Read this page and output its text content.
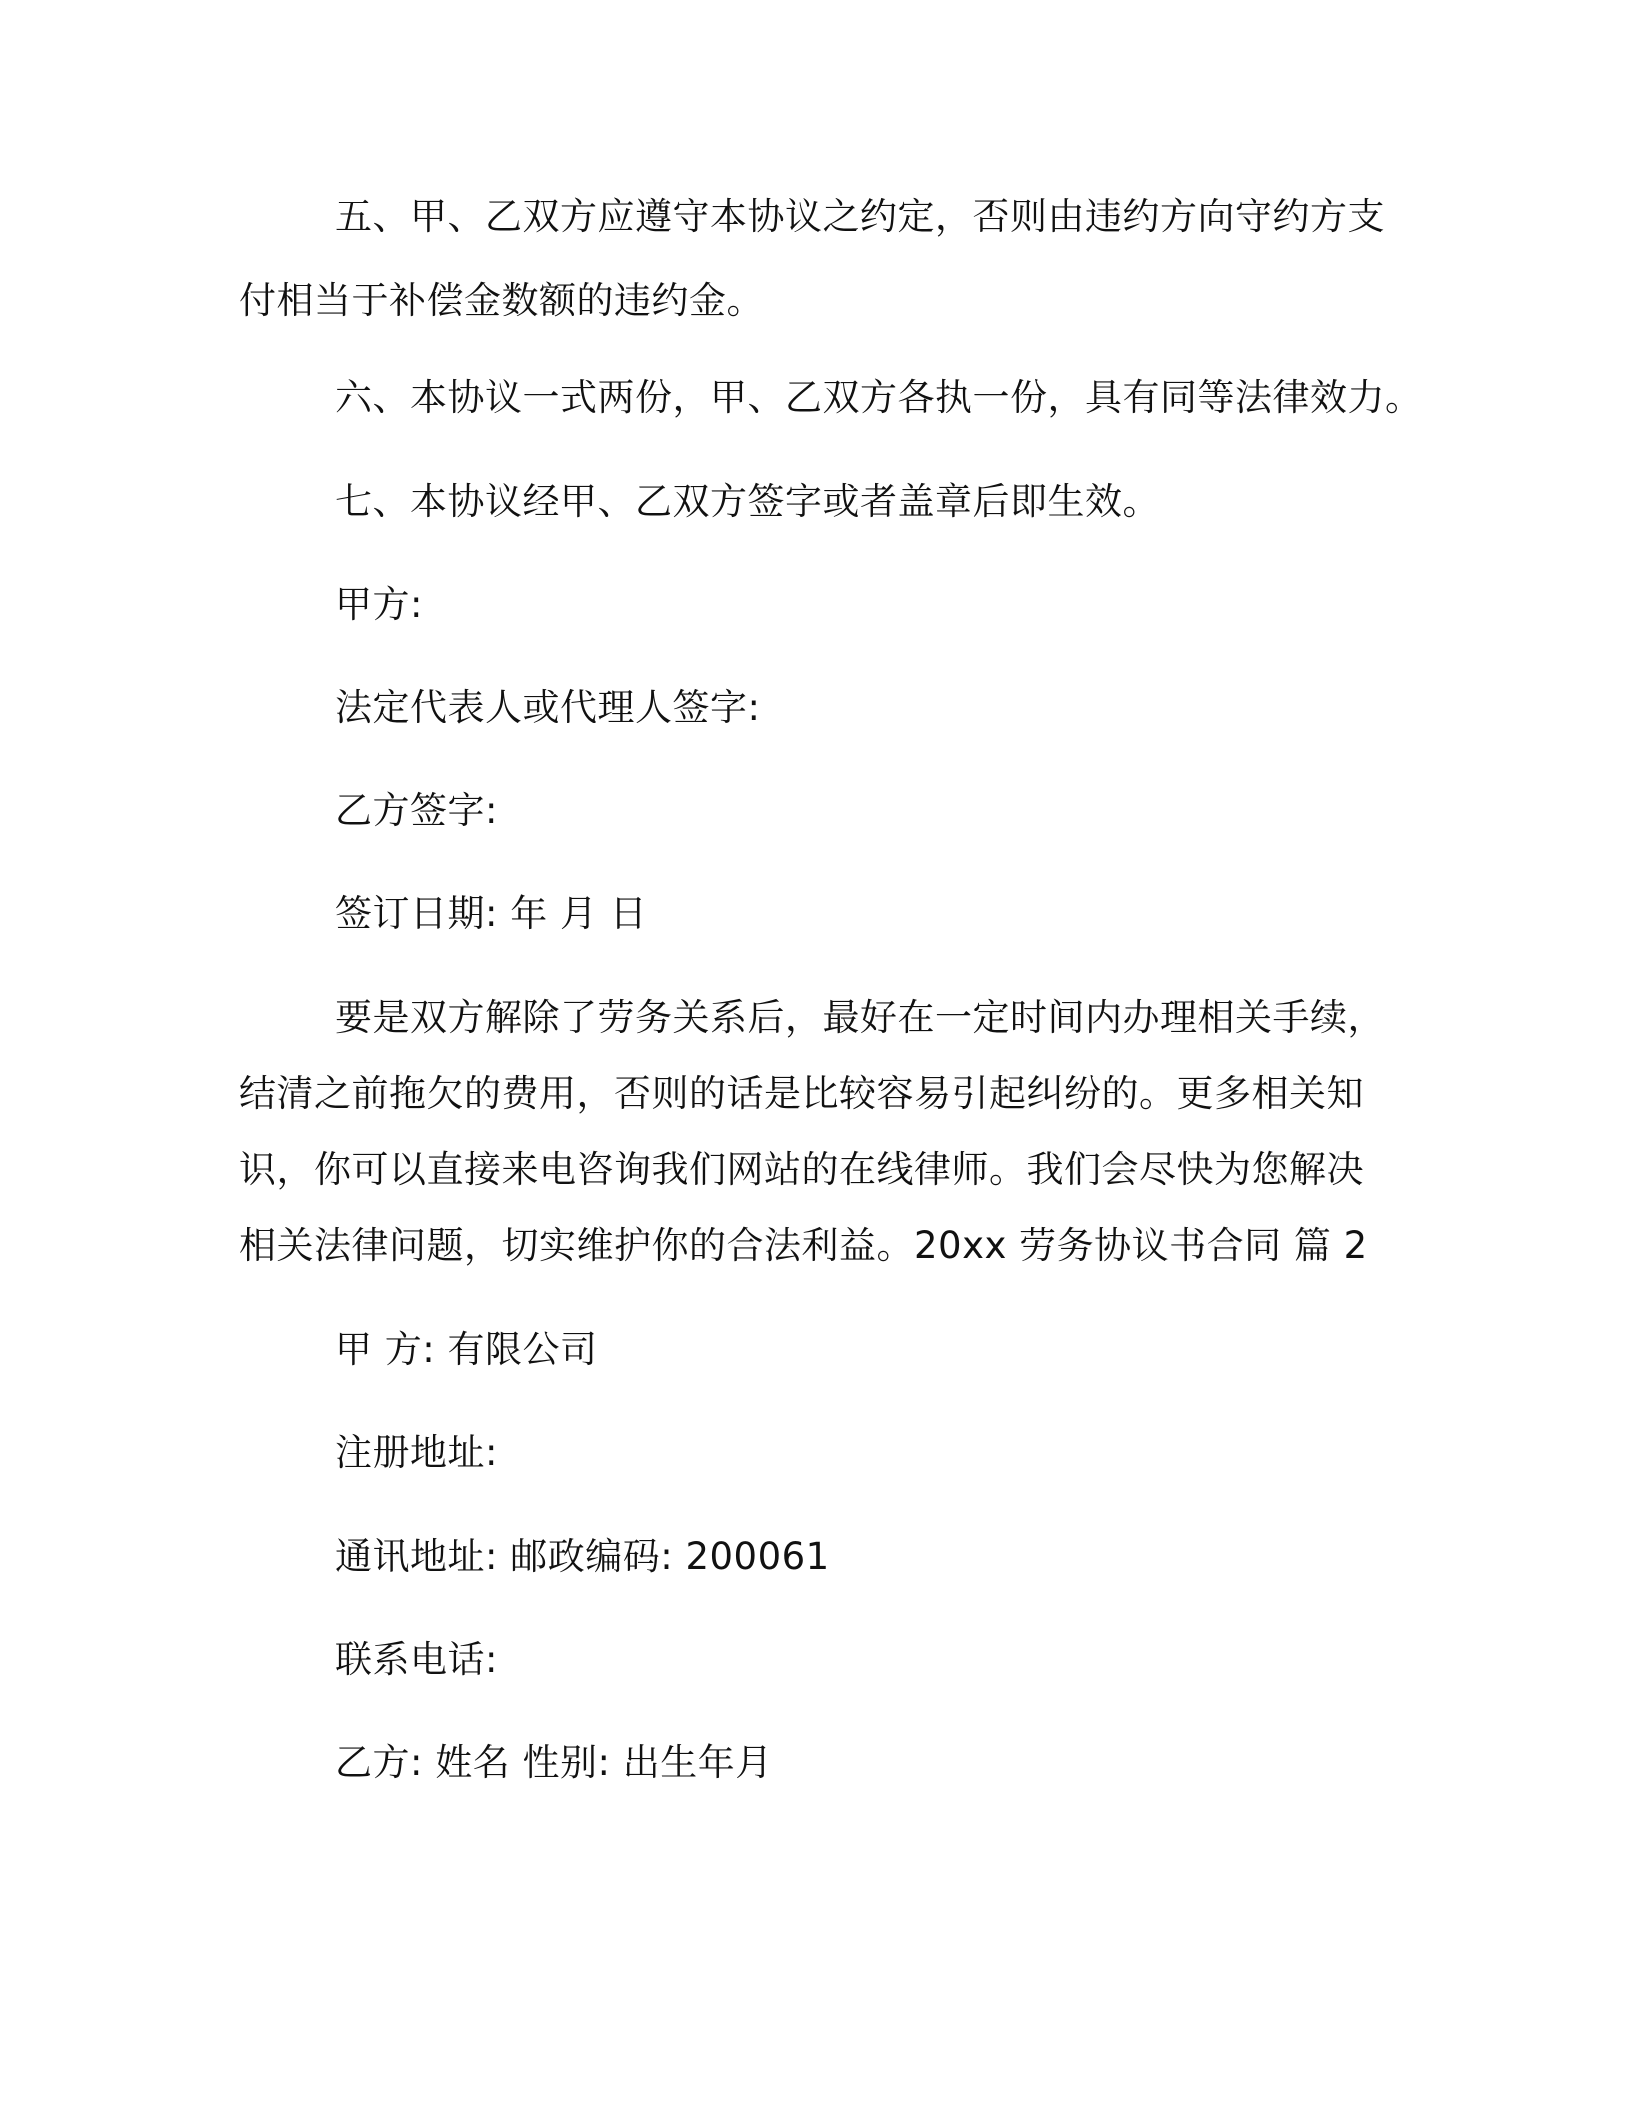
五、甲、乙双方应遵守本协议之约定，否则由违约方向守约方支
付相当于补偿金数额的违约金。
六、本协议一式两份，甲、乙双方各执一份，具有同等法律效力。
七、本协议经甲、乙双方签字或者盖章后即生效。
甲方:
法定代表人或代理人签字:
乙方签字:
签订日期: 年 月 日
要是双方解除了劳务关系后，最好在一定时间内办理相关手续，
结清之前拖欠的费用，否则的话是比较容易引起纠纷的。更多相关知
识，你可以直接来电咨询我们网站的在线律师。我们会尽快为您解决
相关法律问题，切实维护你的合法利益。20xx 劳务协议书合同 篇 2
甲 方: 有限公司
注册地址:
通讯地址: 邮政编码: 200061
联系电话:
乙方: 姓名 性别: 出生年月
